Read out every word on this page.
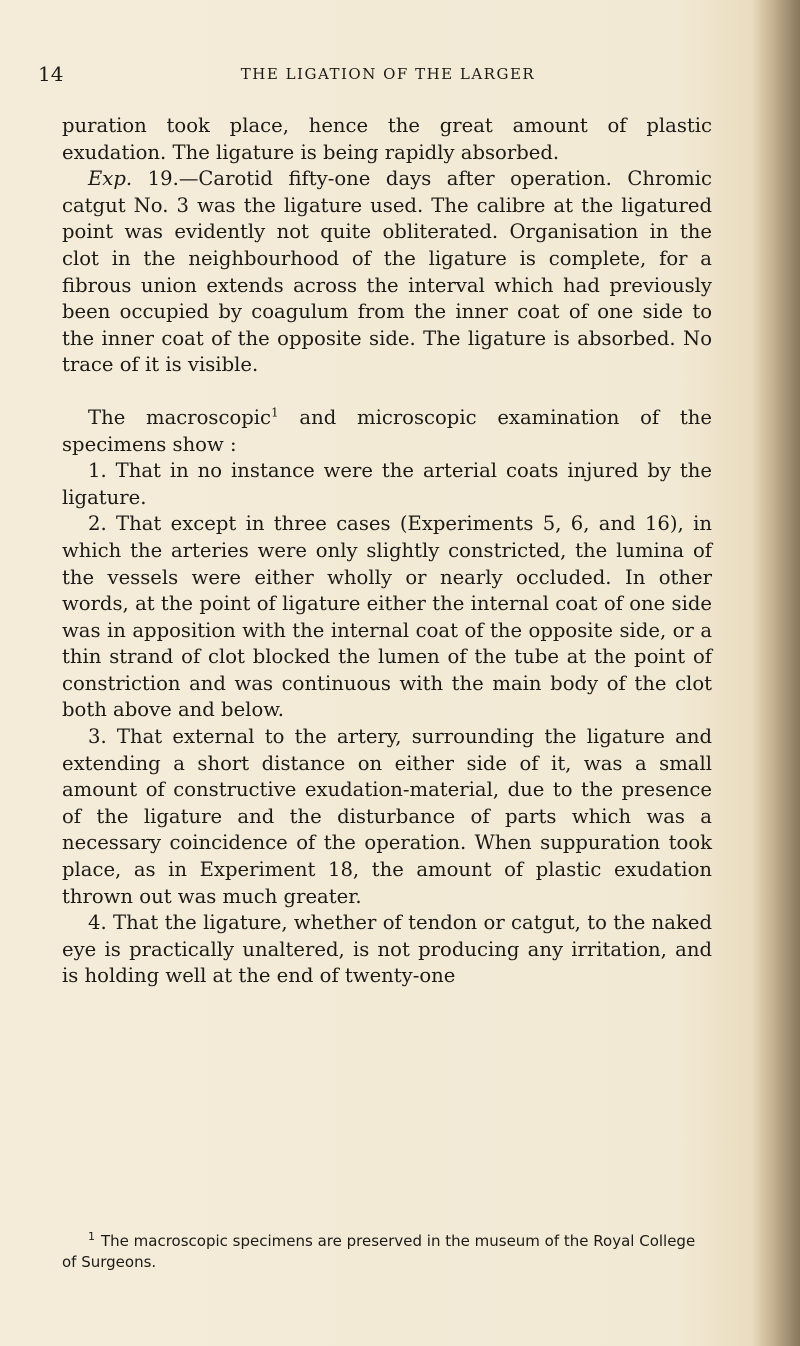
14	THE LIGATION OF THE LARGER

puration took place, hence the great amount of plastic exudation. The ligature is being rapidly absorbed.

Exp. 19.—Carotid fifty-one days after operation. Chromic catgut No. 3 was the ligature used. The calibre at the ligatured point was evidently not quite obliterated. Organisation in the clot in the neighbourhood of the ligature is complete, for a fibrous union extends across the interval which had previously been occupied by coagulum from the inner coat of one side to the inner coat of the opposite side. The ligature is absorbed. No trace of it is visible.

The macroscopic$^1$ and microscopic examination of the specimens show :

1. That in no instance were the arterial coats injured by the ligature.

2. That except in three cases (Experiments 5, 6, and 16), in which the arteries were only slightly constricted, the lumina of the vessels were either wholly or nearly occluded. In other words, at the point of ligature either the internal coat of one side was in apposition with the internal coat of the opposite side, or a thin strand of clot blocked the lumen of the tube at the point of constriction and was continuous with the main body of the clot both above and below.

3. That external to the artery, surrounding the ligature and extending a short distance on either side of it, was a small amount of constructive exudation-material, due to the presence of the ligature and the disturbance of parts which was a necessary coincidence of the operation. When suppuration took place, as in Experiment 18, the amount of plastic exudation thrown out was much greater.

4. That the ligature, whether of tendon or catgut, to the naked eye is practically unaltered, is not producing any irritation, and is holding well at the end of twenty-one

$^1$ The macroscopic specimens are preserved in the museum of the Royal College of Surgeons.
